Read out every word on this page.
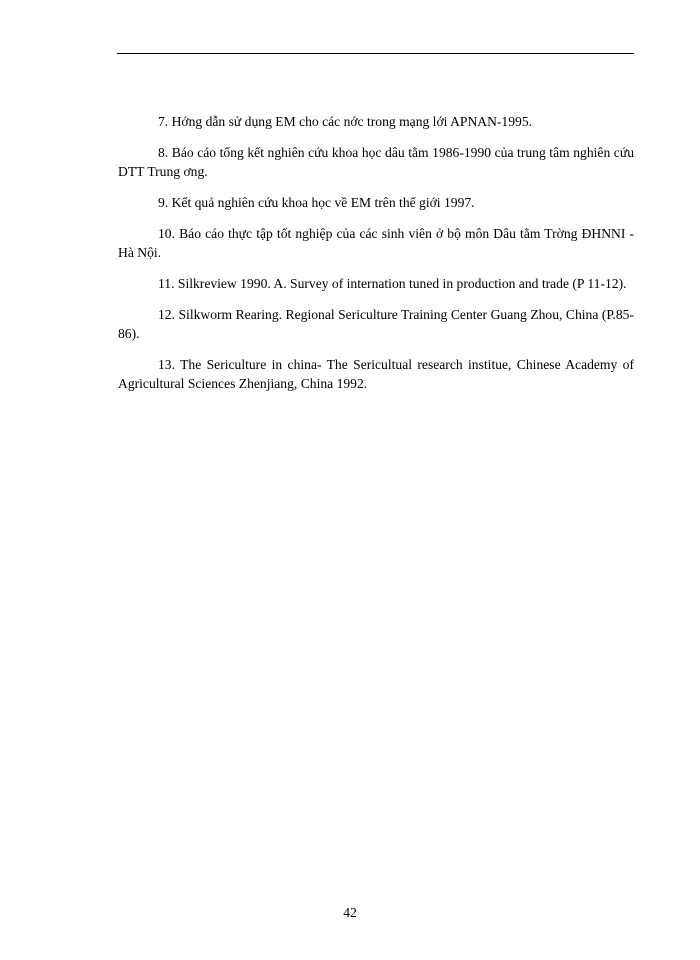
7. Hớng dẫn sử dụng EM cho các nớc trong mạng lới APNAN-1995.

8. Báo cáo tổng kết nghiên cứu khoa học dâu tằm 1986-1990 của trung tâm nghiên cứu DTT Trung ơng.

9. Kết quả nghiên cứu khoa học về EM trên thế giới 1997.

10. Báo cáo thực tập tốt nghiệp của các sinh viên ở bộ môn Dâu tằm Trờng ĐHNNI - Hà Nội.

11. Silkreview 1990. A. Survey of internation tuned in production and trade (P 11-12).

12. Silkworm Rearing. Regional Sericulture Training Center Guang Zhou, China (P.85-86).

13. The Sericulture in china- The Sericultual research institue, Chinese Academy of Agricultural Sciences Zhenjiang, China 1992.

42
